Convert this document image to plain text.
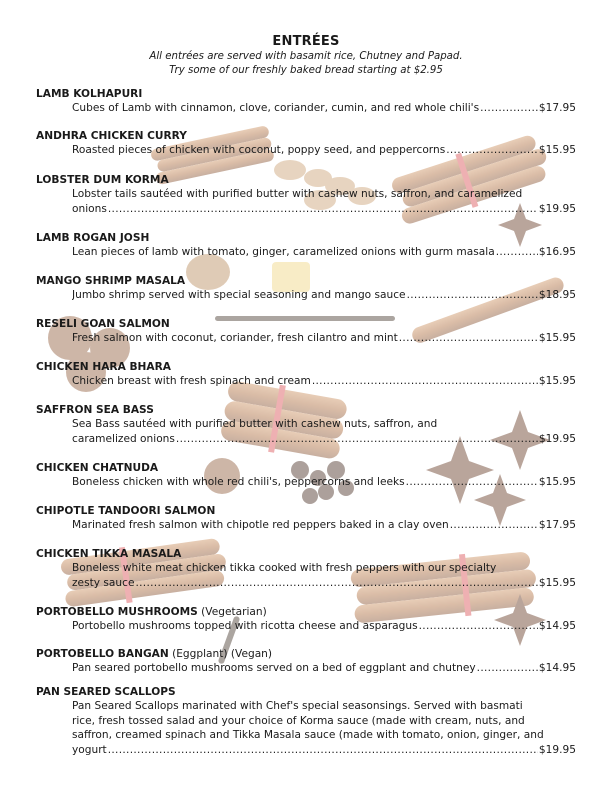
ENTRÉES
All entrées are served with basamit rice, Chutney and Papad.
Try some of our freshly baked bread starting at $2.95
LAMB KOLHAPURI
Cubes of Lamb with cinnamon, clove, coriander, cumin, and red whole chili's .....	$17.95
ANDHRA CHICKEN CURRY
Roasted pieces of chicken with coconut, poppy seed, and peppercorns .....	$15.95
LOBSTER DUM KORMA
Lobster tails sautéed with purified butter with cashew nuts, saffron, and caramelized
onions .....	$19.95
LAMB ROGAN JOSH
Lean pieces of lamb with tomato, ginger, caramelized onions with gurm masala .....	$16.95
MANGO SHRIMP MASALA
Jumbo shrimp served with special seasoning and mango sauce .....	$18.95
RESELI GOAN SALMON
Fresh salmon with coconut, coriander, fresh cilantro and mint .....	$15.95
CHICKEN HARA BHARA
Chicken breast with fresh spinach and cream .....	$15.95
SAFFRON SEA BASS
Sea Bass sautéed with purified butter with cashew nuts, saffron, and
caramelized onions .....	$19.95
CHICKEN CHATNUDA
Boneless chicken with whole red chili's, peppercorns and leeks .....	$15.95
CHIPOTLE TANDOORI SALMON
Marinated fresh salmon with chipotle red peppers baked in a clay oven .....	$17.95
CHICKEN TIKKA MASALA
Boneless white meat chicken tikka cooked with fresh peppers with our specialty
zesty sauce .....	$15.95
PORTOBELLO MUSHROOMS (Vegetarian)
Portobello mushrooms topped with ricotta cheese and asparagus .....	$14.95
PORTOBELLO BANGAN (Eggplant) (Vegan)
Pan seared portobello mushrooms served on a bed of eggplant and chutney .....	$14.95
PAN SEARED SCALLOPS
Pan Seared Scallops marinated with Chef's special seasonsings. Served with basmati
rice, fresh tossed salad and your choice of Korma sauce (made with cream, nuts, and
saffron, creamed spinach and Tikka Masala sauce (made with tomato, onion, ginger, and
yogurt .....	$19.95
